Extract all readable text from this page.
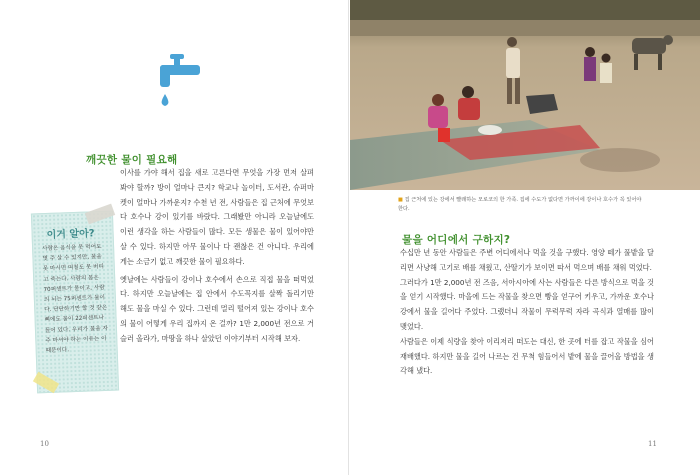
깨끗한 물이 필요해

이사를 가야 해서 집을 새로 고른다면 무엇을 가장 먼저 살펴봐야 할까? 방이 얼마나 큰지? 학교나 놀이터, 도서관, 슈퍼마켓이 얼마나 가까운지? 수천 년 전, 사람들은 집 근처에 무엇보다 호수나 강이 있기를 바랐다. 그래봤만 아니라 오늘날에도 이런 생각을 하는 사람들이 많다. 모든 생물은 물이 있어야만 살 수 있다. 하지만 아무 물이나 다 괜찮은 건 아니다. 우리에게는 소금기 없고 깨끗한 물이 필요하다.

옛날에는 사람들이 강이나 호수에서 손으로 직접 물을 떠먹었다. 하지만 오늘날에는 집 안에서 수도꼭지를 살짝 돌리기만 해도 물을 마실 수 있다. 그런데 멀리 떨어져 있는 강이나 호수의 물이 어떻게 우리 집까지 온 걸까? 1만 2,000년 전으로 거슬러 올라가, 마땅을 하나 살았던 이야기부터 시작해 보자.

이거 알아?
사람은 음식을 못 먹어도 몇 주 살 수 있지만, 물을 못 마시면 며칠도 못 버티고 죽는다. 사람의 몸은 70퍼센트가 물이고, 사람의 뇌는 75퍼센트가 물이다. 단단하기만 할 것 같은 뼈에도 물이 22퍼센트나 들어 있다. 우리가 물을 자주 마셔야 하는 이유는 이 때문이다.
10
물을 어디에서 구하지?

수십만 년 동안 사람들은 주변 어디에서나 먹을 것을 구했다. 영양 떼가 풀밭을 달리면 사냥해 고기로 배를 채웠고, 산딸기가 보이면 따서 먹으며 배를 채워 먹었다.

그러다가 1만 2,000년 전 즈음, 서아시아에 사는 사람들은 다른 방식으로 먹을 것을 얻기 시작했다. 마을에 드는 작물을 찾으면 빵을 얻구어 키우고, 가까운 호수나 강에서 물을 길어다 주었다. 그랬더니 작물이 무럭무럭 자라 곡식과 열매를 많이 맺었다.

사람들은 이제 식량을 찾아 이리저리 떠도는 대신, 한 곳에 터를 잡고 작물을 심어 재배했다. 하지만 물을 길어 나르는 건 무척 힘들어서 밭에 물을 끌어올 방법을 생각해 냈다.

11
■ 집 근처에 있는 강에서 빨래하는 모로코의 한 가족. 집에 수도가 없다면 가까이에 강이나 호수가 꼭 있어야 한다.
